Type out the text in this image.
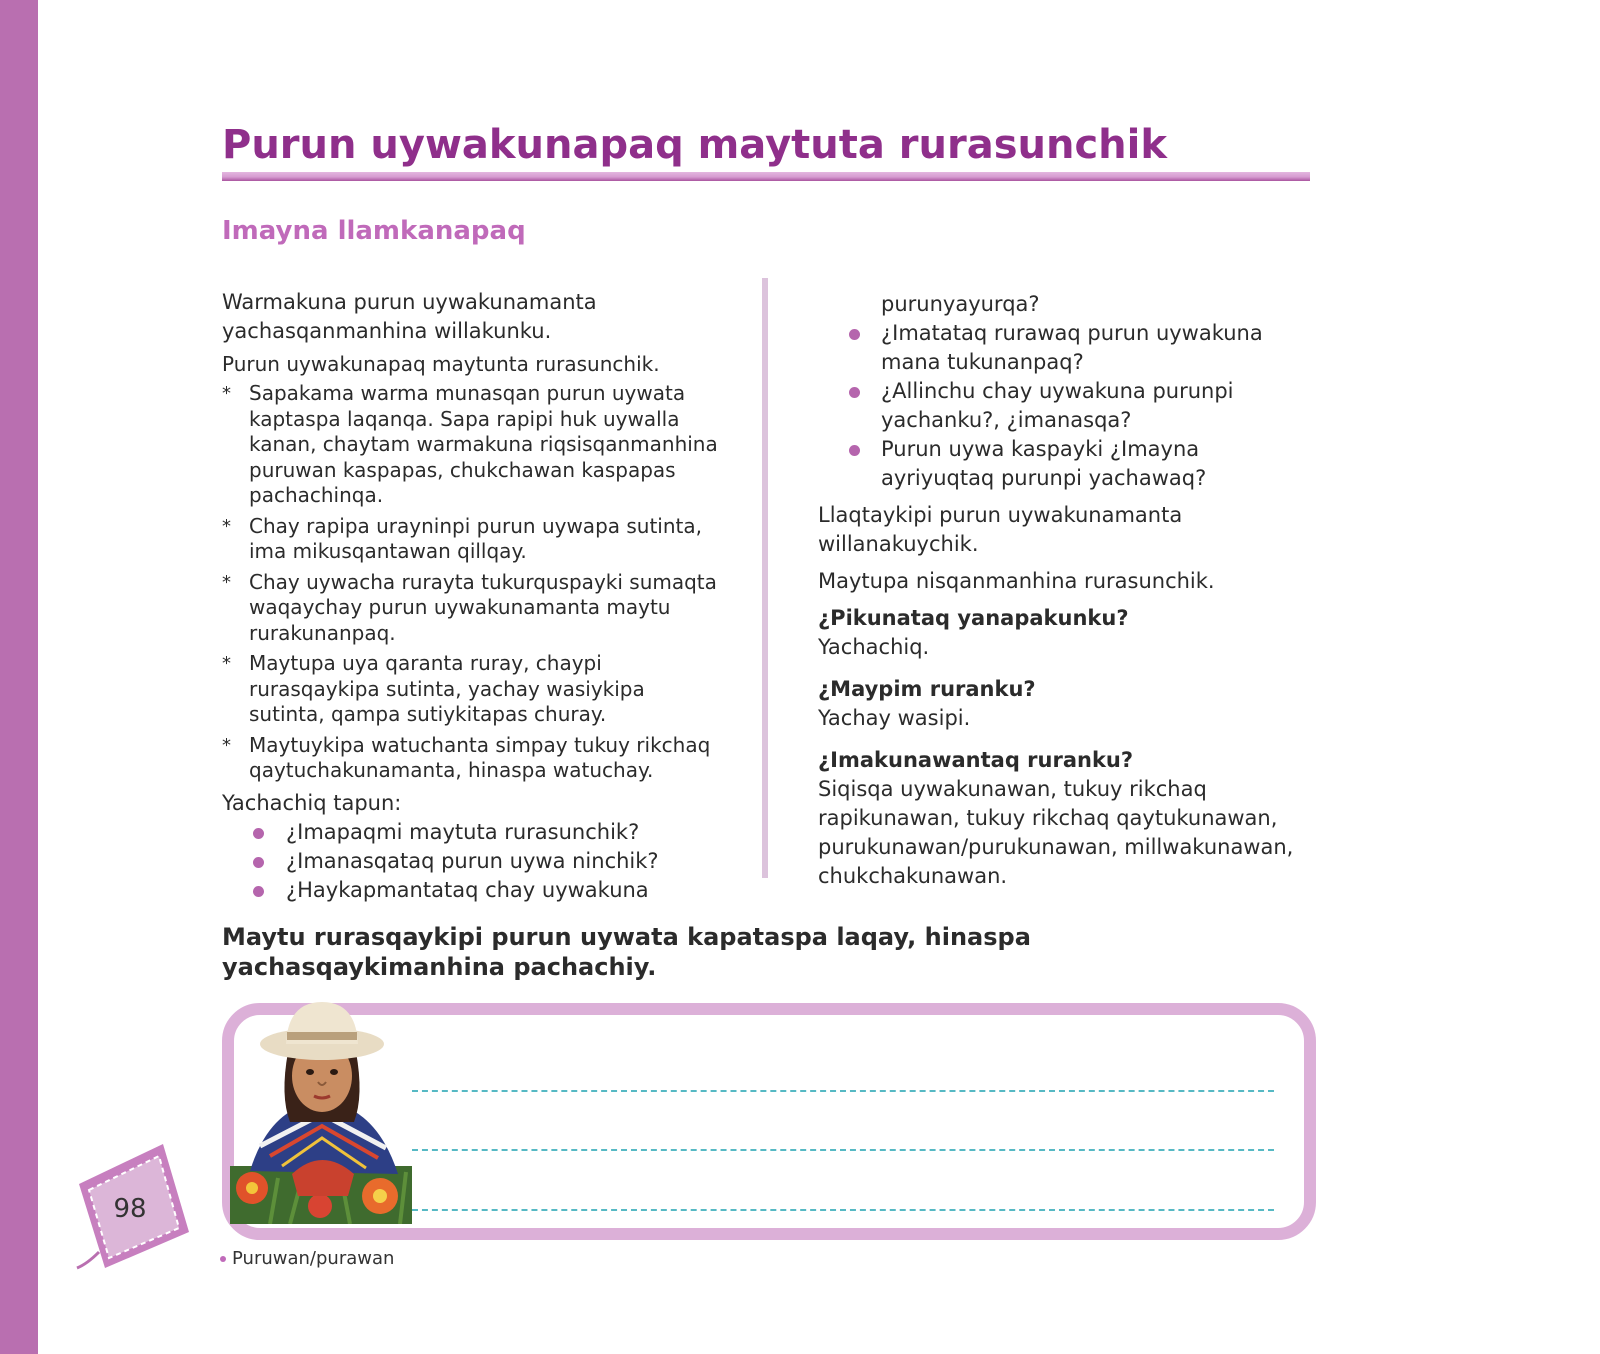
Purun uywakunapaq maytuta rurasunchik
Imayna llamkanapaq

Warmakuna purun uywakunamanta yachasqanmanhina willakunku.

Purun uywakunapaq maytunta rurasunchik.

* Sapakama warma munasqan purun uywata kaptaspa laqanqa. Sapa rapipi huk uywalla kanan, chaytam warmakuna riqsisqanmanhina puruwan kaspapas, chukchawan kaspapas pachachinqa.
* Chay rapipa urayninpi purun uywapa sutinta, ima mikusqantawan qillqay.
* Chay uywacha rurayta tukurquspayki sumaqta waqaychay purun uywakunamanta maytu rurakunanpaq.
* Maytupa uya qaranta ruray, chaypi rurasqaykipa sutinta, yachay wasiykipa sutinta, qampa sutiykitapas churay.
* Maytuykipa watuchanta simpay tukuy rikchaq qaytuchakunamanta, hinaspa watuchay.

Yachachiq tapun:

¿Imapaqmi maytuta rurasunchik?
¿Imanasqataq purun uywa ninchik?
¿Haykapmantataq chay uywakuna

purunyayurqa?

¿Imatataq rurawaq purun uywakuna mana tukunanpaq?
¿Allinchu chay uywakuna purunpi yachanku?, ¿imanasqa?
Purun uywa kaspayki ¿Imayna ayriyuqtaq purunpi yachawaq?

Llaqtaykipi purun uywakunamanta willanakuychik.

Maytupa nisqanmanhina rurasunchik.

¿Pikunataq yanapakunku?

Yachachiq.

¿Maypim ruranku?

Yachay wasipi.

¿Imakunawantaq ruranku?

Siqisqa uywakunawan, tukuy rikchaq rapikunawan, tukuy rikchaq qaytukunawan, purukunawan/purukunawan, millwakunawan, chukchakunawan.

Maytu rurasqaykipi purun uywata kapataspa laqay, hinaspa yachasqaykimanhina pachachiy.

98
Puruwan/purawan
